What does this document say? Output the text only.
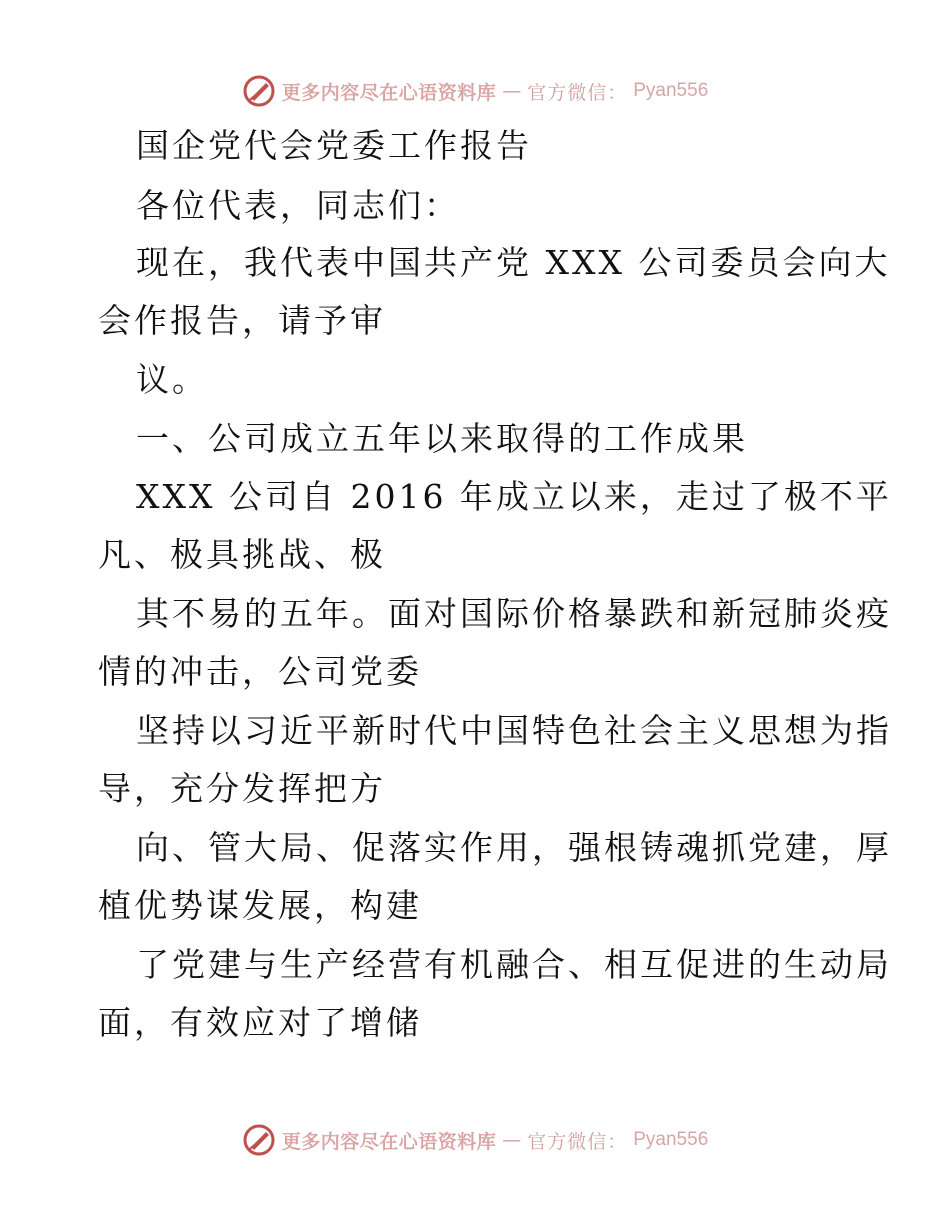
更多内容尽在心语资料库 — 官方微信： Pyan556
国企党代会党委工作报告
各位代表，同志们：
现在，我代表中国共产党 XXX 公司委员会向大
会作报告，请予审
议。
一、公司成立五年以来取得的工作成果
XXX 公司自 2016 年成立以来，走过了极不平
凡、极具挑战、极
其不易的五年。面对国际价格暴跌和新冠肺炎疫
情的冲击，公司党委
坚持以习近平新时代中国特色社会主义思想为指
导，充分发挥把方
向、管大局、促落实作用，强根铸魂抓党建，厚
植优势谋发展，构建
了党建与生产经营有机融合、相互促进的生动局
面，有效应对了增储
更多内容尽在心语资料库 — 官方微信： Pyan556
